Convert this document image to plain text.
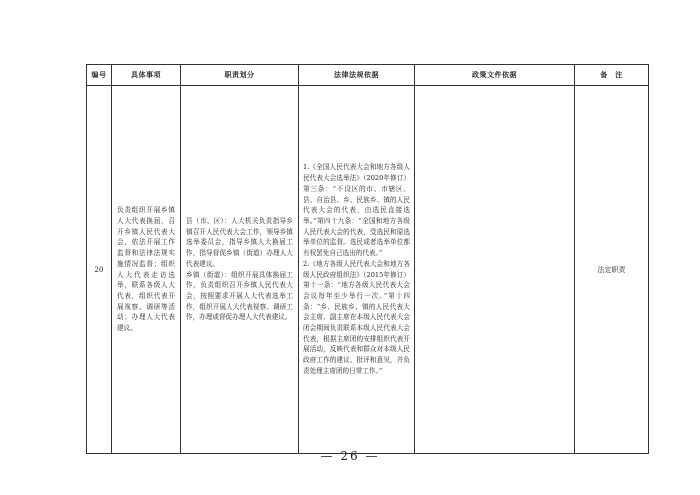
编号	具体事项	职责划分	法律法规依据	政策文件依据	备　注
20	负责组织开展乡镇人大代表换届，召开乡镇人民代表大会，依法开展工作监督和法律法规实施情况监督；组织人大代表走访选举，联系各级人大代表，组织代表开展视察、调研等活动；办理人大代表建议。	县（市、区）：人大机关负责指导乡镇召开人民代表大会工作，领导乡镇选举委员会，指导乡镇人大换届工作，指导督促乡镇（街道）办理人大代表建议。
乡镇（街道）：组织开展具体换届工作，负责组织召开乡镇人民代表大会，按照要求开展人大代表选举工作，组织开展人大代表视察、调研工作，办理或督促办理人大代表建议。	1.《全国人民代表大会和地方各级人民代表大会选举法》（2020年修订）第三条：“不设区的市、市辖区、县、自治县、乡、民族乡、镇的人民代表大会的代表，由选民直接选举。”第四十九条：“全国和地方各级人民代表大会的代表，受选民和原选举单位的监督。选民或者选举单位都有权罢免自己选出的代表。”
2.《地方各级人民代表大会和地方各级人民政府组织法》（2015年修订）第十一条：“地方各级人民代表大会会议每年至少举行一次。”第十四条：“乡、民族乡、镇的人民代表大会主席、副主席在本级人民代表大会闭会期间负责联系本级人民代表大会代表，根据主席团的安排组织代表开展活动，反映代表和群众对本级人民政府工作的建议、批评和意见，并负责处理主席团的日常工作。”		法定职责
— 26 —
